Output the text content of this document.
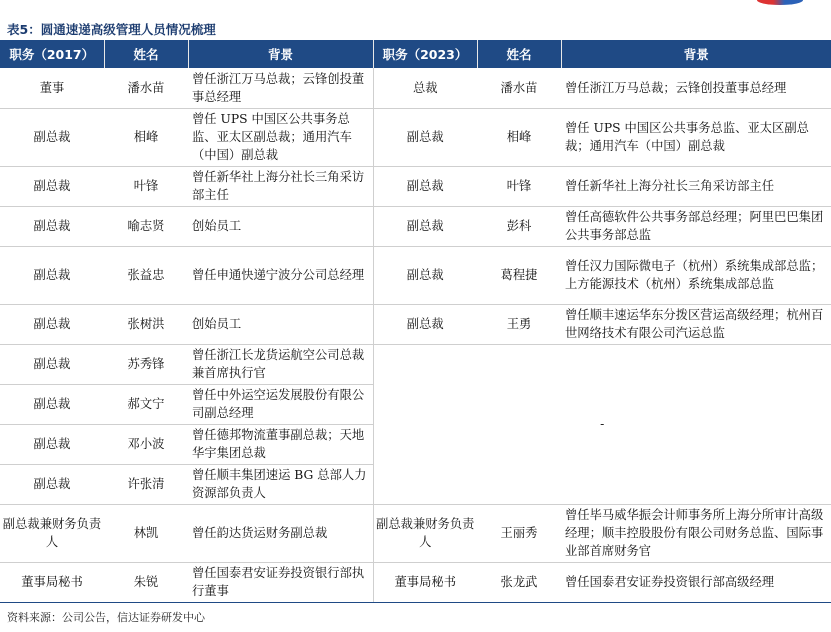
表5：圆通速递高级管理人员情况梳理
职务（2017）	姓名	背景	职务（2023）	姓名	背景
董事	潘水苗	曾任浙江万马总裁；云锋创投董事总经理	总裁	潘水苗	曾任浙江万马总裁；云锋创投董事总经理
副总裁	相峰	曾任 UPS 中国区公共事务总监、亚太区副总裁；通用汽车（中国）副总裁	副总裁	相峰	曾任 UPS 中国区公共事务总监、亚太区副总裁；通用汽车（中国）副总裁
副总裁	叶锋	曾任新华社上海分社长三角采访部主任	副总裁	叶锋	曾任新华社上海分社长三角采访部主任
副总裁	喻志贤	创始员工	副总裁	彭科	曾任高德软件公共事务部总经理；阿里巴巴集团公共事务部总监
副总裁	张益忠	曾任申通快递宁波分公司总经理	副总裁	葛程捷	曾任汉力国际微电子（杭州）系统集成部总监；上方能源技术（杭州）系统集成部总监
副总裁	张树洪	创始员工	副总裁	王勇	曾任顺丰速运华东分拨区营运高级经理；杭州百世网络技术有限公司汽运总监
副总裁	苏秀锋	曾任浙江长龙货运航空公司总裁兼首席执行官	-		
副总裁	郝文宁	曾任中外运空运发展股份有限公司副总经理			
副总裁	邓小波	曾任德邦物流董事副总裁；天地华宇集团总裁			
副总裁	许张清	曾任顺丰集团速运 BG 总部人力资源部负责人			
副总裁兼财务负责人	林凯	曾任韵达货运财务副总裁	副总裁兼财务负责人	王丽秀	曾任毕马威华振会计师事务所上海分所审计高级经理；顺丰控股股份有限公司财务总监、国际事业部首席财务官
董事局秘书	朱锐	曾任国泰君安证券投资银行部执行董事	董事局秘书	张龙武	曾任国泰君安证券投资银行部高级经理
资料来源：公司公告，信达证券研发中心
